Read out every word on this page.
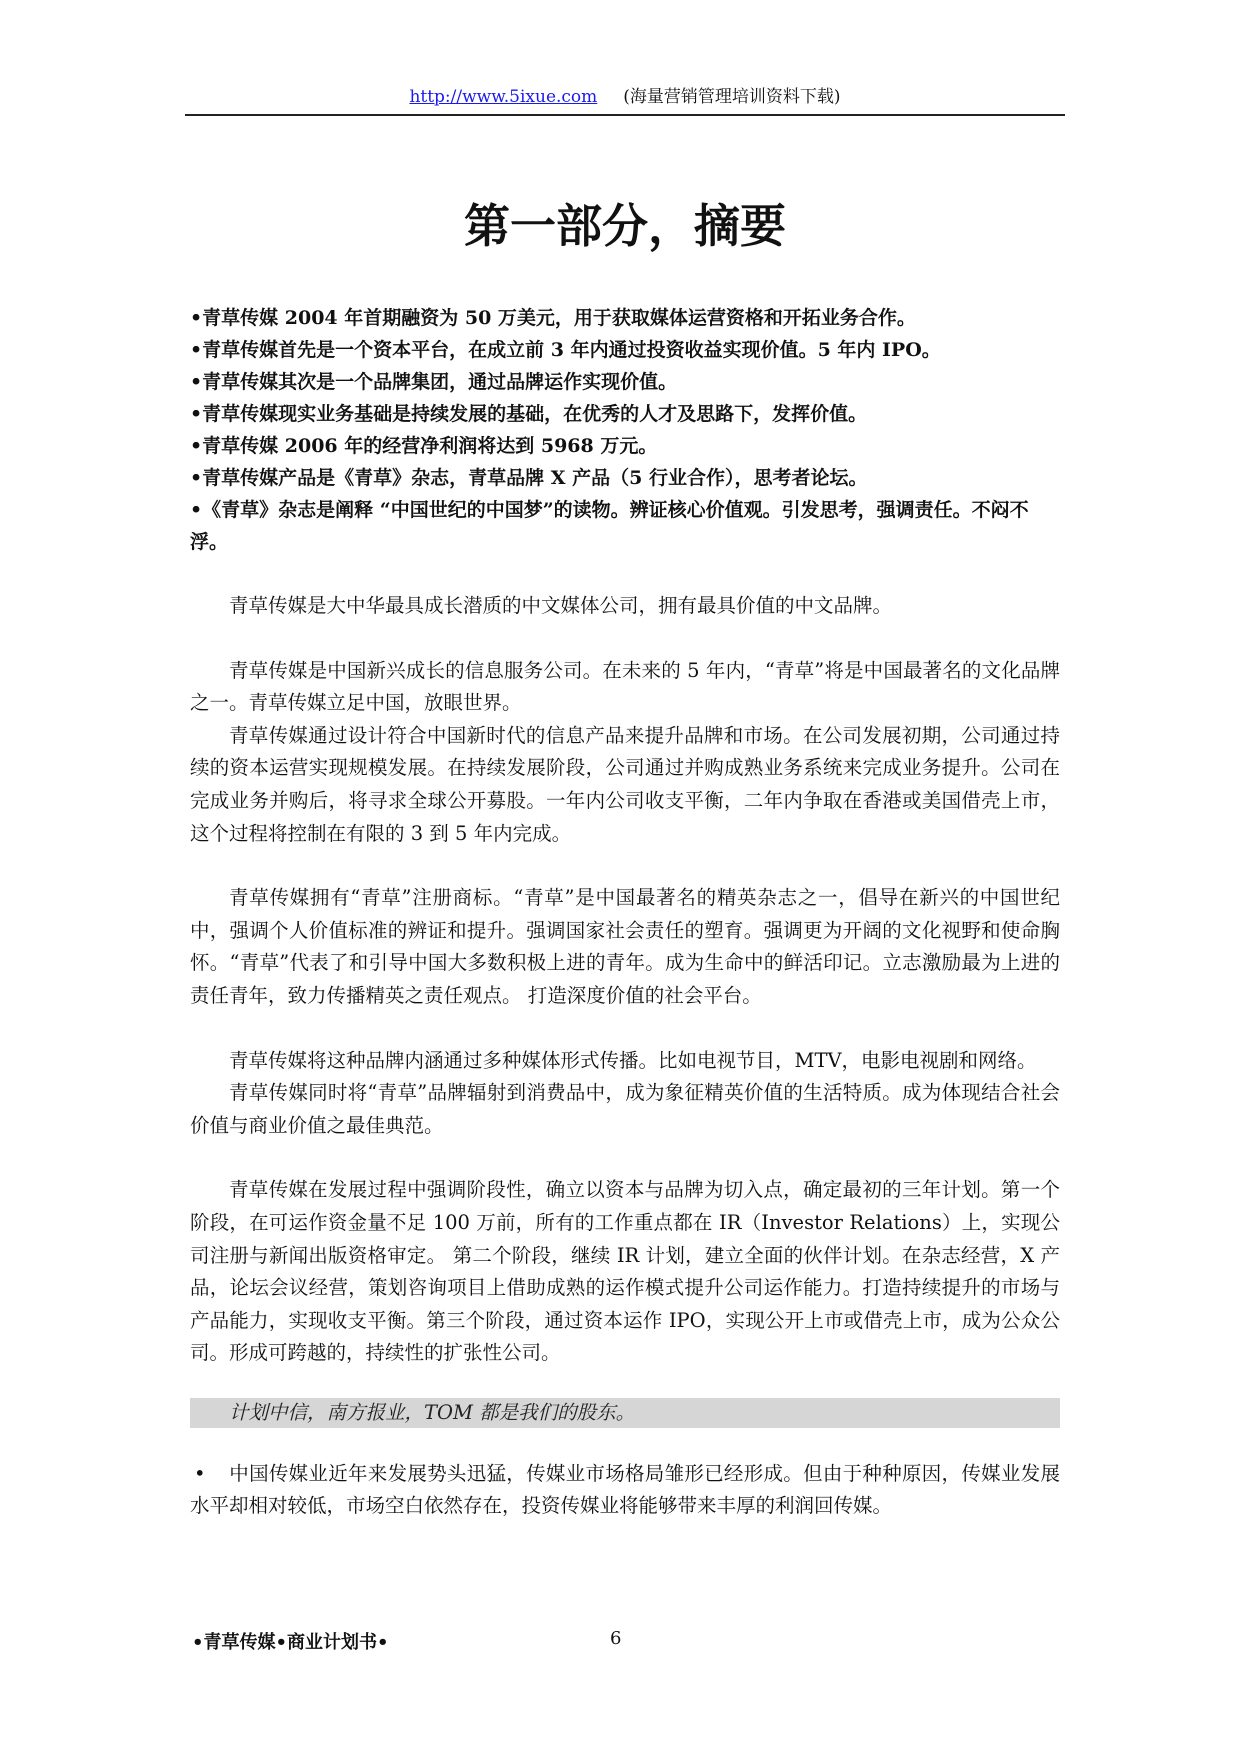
http://www.5ixue.com (海量营销管理培训资料下载)
第一部分，摘要

•青草传媒 2004 年首期融资为 50 万美元，用于获取媒体运营资格和开拓业务合作。

•青草传媒首先是一个资本平台，在成立前 3 年内通过投资收益实现价值。5 年内 IPO。

•青草传媒其次是一个品牌集团，通过品牌运作实现价值。

•青草传媒现实业务基础是持续发展的基础，在优秀的人才及思路下，发挥价值。

•青草传媒 2006 年的经营净利润将达到 5968 万元。

•青草传媒产品是《青草》杂志，青草品牌 X 产品（5 行业合作），思考者论坛。

•《青草》杂志是阐释 “中国世纪的中国梦”的读物。辨证核心价值观。引发思考，强调责任。不闷不浮。

青草传媒是大中华最具成长潜质的中文媒体公司，拥有最具价值的中文品牌。

青草传媒是中国新兴成长的信息服务公司。在未来的 5 年内，“青草”将是中国最著名的文化品牌之一。青草传媒立足中国，放眼世界。

青草传媒通过设计符合中国新时代的信息产品来提升品牌和市场。在公司发展初期，公司通过持续的资本运营实现规模发展。在持续发展阶段，公司通过并购成熟业务系统来完成业务提升。公司在完成业务并购后，将寻求全球公开募股。一年内公司收支平衡，二年内争取在香港或美国借壳上市，这个过程将控制在有限的 3 到 5 年内完成。

青草传媒拥有“青草”注册商标。“青草”是中国最著名的精英杂志之一，倡导在新兴的中国世纪中，强调个人价值标准的辨证和提升。强调国家社会责任的塑育。强调更为开阔的文化视野和使命胸怀。“青草”代表了和引导中国大多数积极上进的青年。成为生命中的鲜活印记。立志激励最为上进的责任青年，致力传播精英之责任观点。 打造深度价值的社会平台。

青草传媒将这种品牌内涵通过多种媒体形式传播。比如电视节目，MTV，电影电视剧和网络。

青草传媒同时将“青草”品牌辐射到消费品中，成为象征精英价值的生活特质。成为体现结合社会价值与商业价值之最佳典范。

青草传媒在发展过程中强调阶段性，确立以资本与品牌为切入点，确定最初的三年计划。第一个阶段，在可运作资金量不足 100 万前，所有的工作重点都在 IR（Investor Relations）上，实现公司注册与新闻出版资格审定。 第二个阶段，继续 IR 计划，建立全面的伙伴计划。在杂志经营，X 产品，论坛会议经营，策划咨询项目上借助成熟的运作模式提升公司运作能力。打造持续提升的市场与产品能力，实现收支平衡。第三个阶段，通过资本运作 IPO，实现公开上市或借壳上市，成为公众公司。形成可跨越的，持续性的扩张性公司。

计划中信，南方报业，TOM 都是我们的股东。

• 中国传媒业近年来发展势头迅猛，传媒业市场格局雏形已经形成。但由于种种原因，传媒业发展水平却相对较低，市场空白依然存在，投资传媒业将能够带来丰厚的利润回传媒。

•青草传媒•商业计划书•	6
